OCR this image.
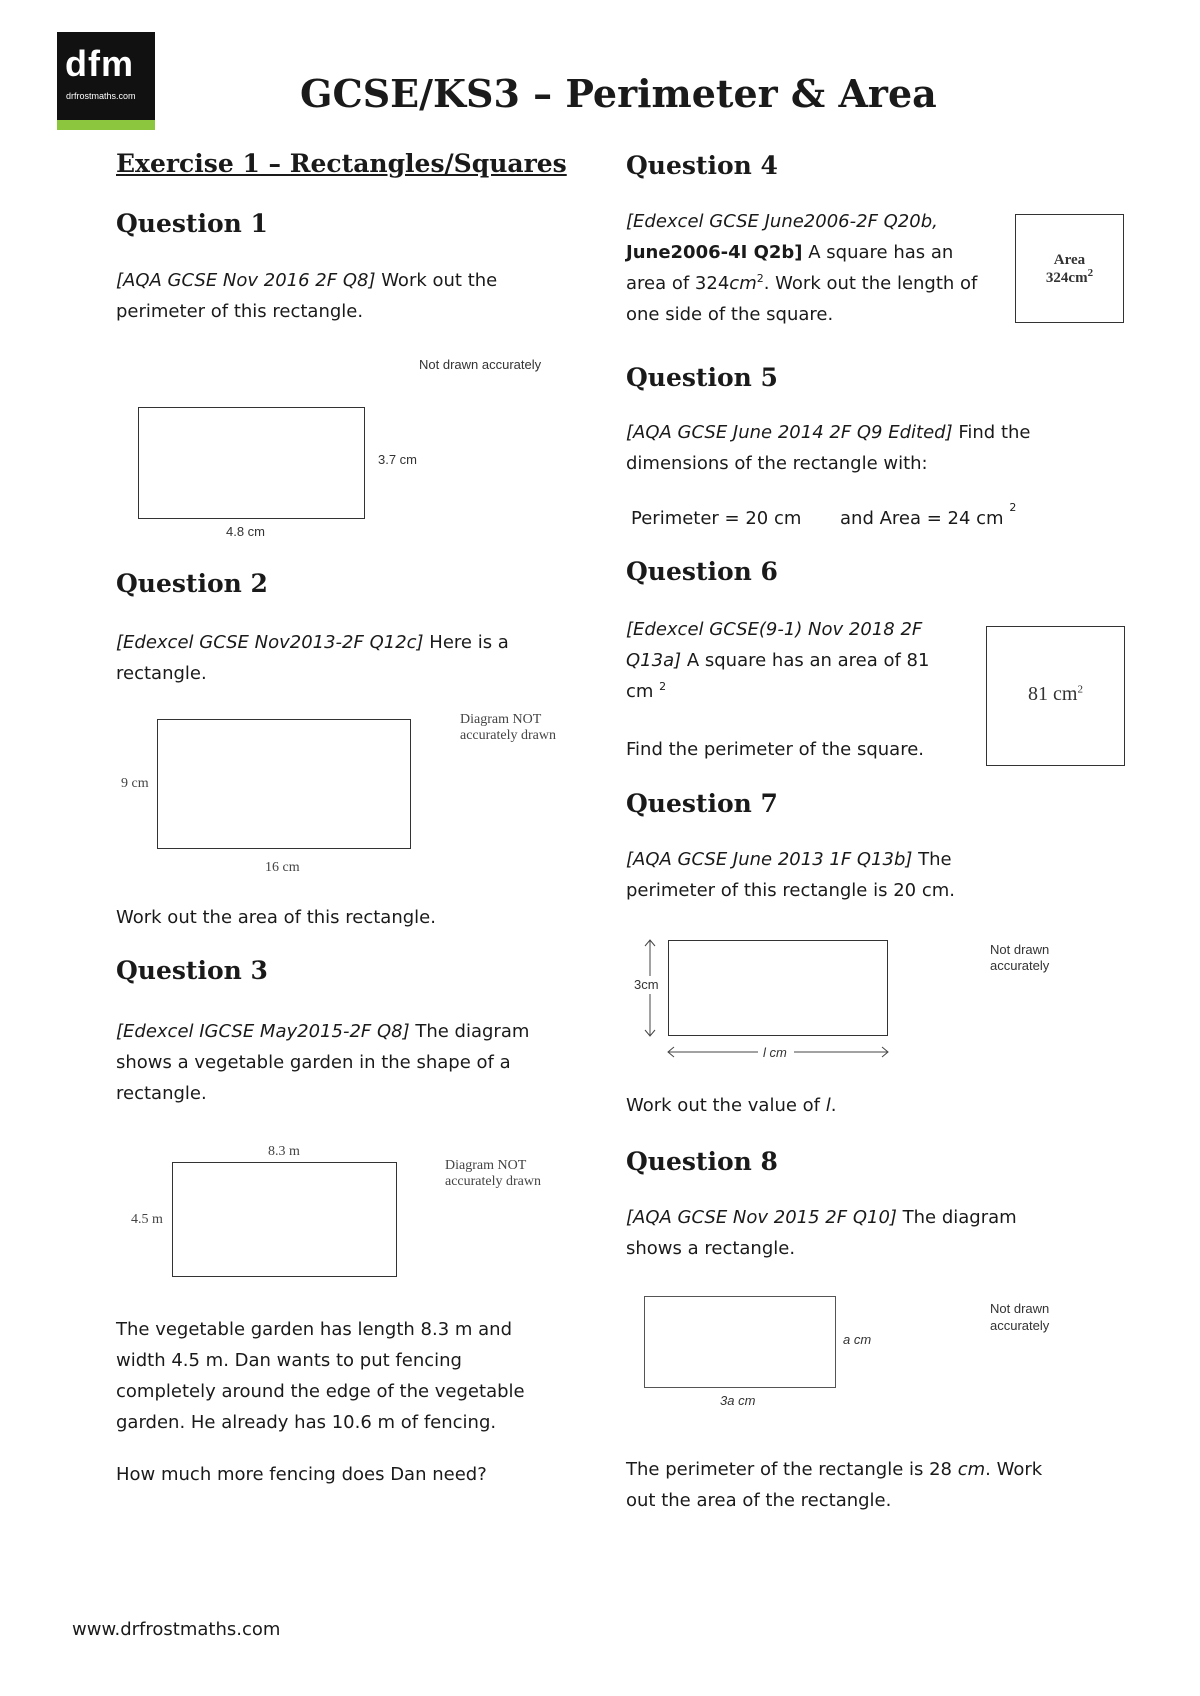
dfm
drfrostmaths.com	GCSE/KS3 – Perimeter & Area
Exercise 1 – Rectangles/Squares
Question 1
[AQA GCSE Nov 2016 2F Q8] Work out the perimeter of this rectangle.
Not drawn accurately
3.7 cm
4.8 cm
Question 2
[Edexcel GCSE Nov2013-2F Q12c] Here is a rectangle.
Diagram NOT accurately drawn
9 cm
16 cm
Work out the area of this rectangle.
Question 3
[Edexcel IGCSE May2015-2F Q8] The diagram shows a vegetable garden in the shape of a rectangle.
8.3 m
4.5 m
Diagram NOT accurately drawn
The vegetable garden has length 8.3 m and width 4.5 m. Dan wants to put fencing completely around the edge of the vegetable garden. He already has 10.6 m of fencing.
How much more fencing does Dan need?
Question 4
[Edexcel GCSE June2006-2F Q20b,
June2006-4I Q2b] A square has an area of $324cm^2$. Work out the length of one side of the square.
Area
$324cm^2$
Question 5
[AQA GCSE June 2014 2F Q9 Edited] Find the dimensions of the rectangle with:
Perimeter = 20 cm and Area = 24 cm $^2$
Question 6
[Edexcel GCSE(9-1) Nov 2018 2F Q13a] A square has an area of 81 cm $^2$
Find the perimeter of the square.
81 $cm^2$
Question 7
[AQA GCSE June 2013 1F Q13b] The perimeter of this rectangle is 20 cm.
3cm
l cm
Not drawn
accurately
Work out the value of l.
Question 8
[AQA GCSE Nov 2015 2F Q10] The diagram shows a rectangle.
a cm
3a cm
Not drawn
accurately
The perimeter of the rectangle is 28 cm. Work out the area of the rectangle.
www.drfrostmaths.com
